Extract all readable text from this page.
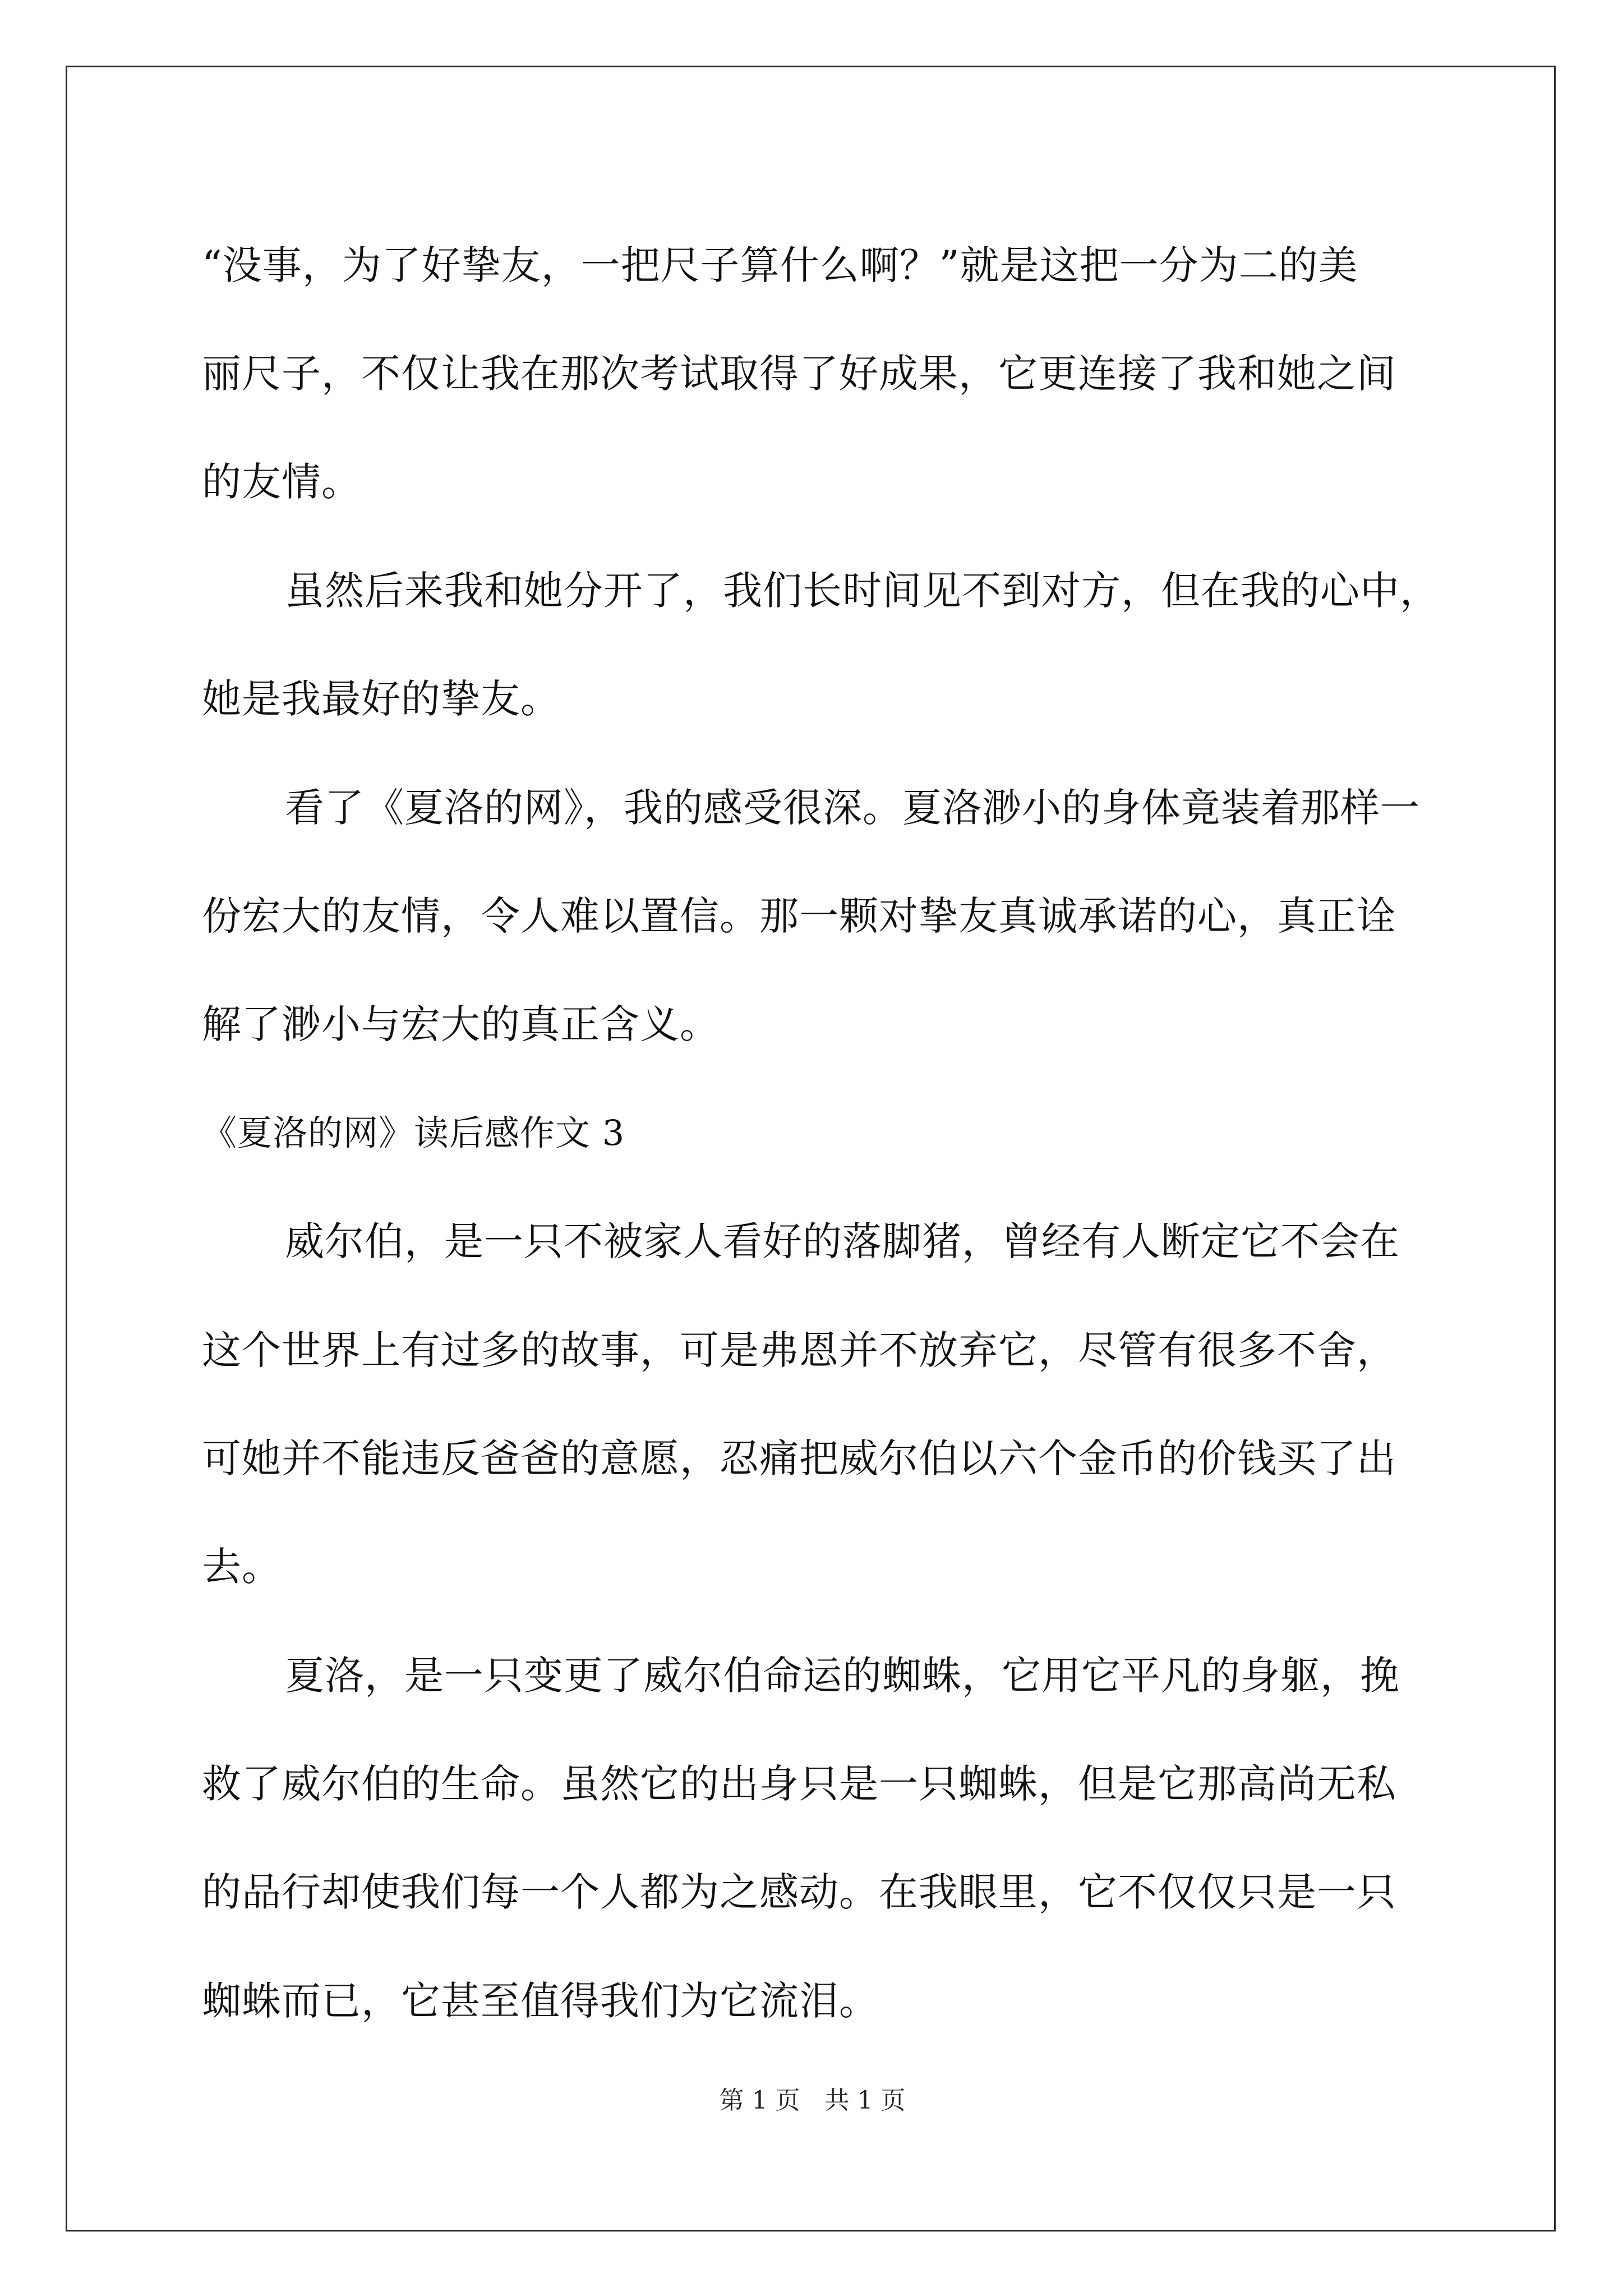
“没事，为了好挚友，一把尺子算什么啊？”就是这把一分为二的美
丽尺子，不仅让我在那次考试取得了好成果，它更连接了我和她之间
的友情。
虽然后来我和她分开了，我们长时间见不到对方，但在我的心中，
她是我最好的挚友。
看了《夏洛的网》，我的感受很深。夏洛渺小的身体竟装着那样一
份宏大的友情，令人难以置信。那一颗对挚友真诚承诺的心，真正诠
解了渺小与宏大的真正含义。
《夏洛的网》读后感作文 3
威尔伯，是一只不被家人看好的落脚猪，曾经有人断定它不会在
这个世界上有过多的故事，可是弗恩并不放弃它，尽管有很多不舍，
可她并不能违反爸爸的意愿，忍痛把威尔伯以六个金币的价钱买了出
去。
夏洛，是一只变更了威尔伯命运的蜘蛛，它用它平凡的身躯，挽
救了威尔伯的生命。虽然它的出身只是一只蜘蛛，但是它那高尚无私
的品行却使我们每一个人都为之感动。在我眼里，它不仅仅只是一只
蜘蛛而已，它甚至值得我们为它流泪。
第 1 页　共 1 页
